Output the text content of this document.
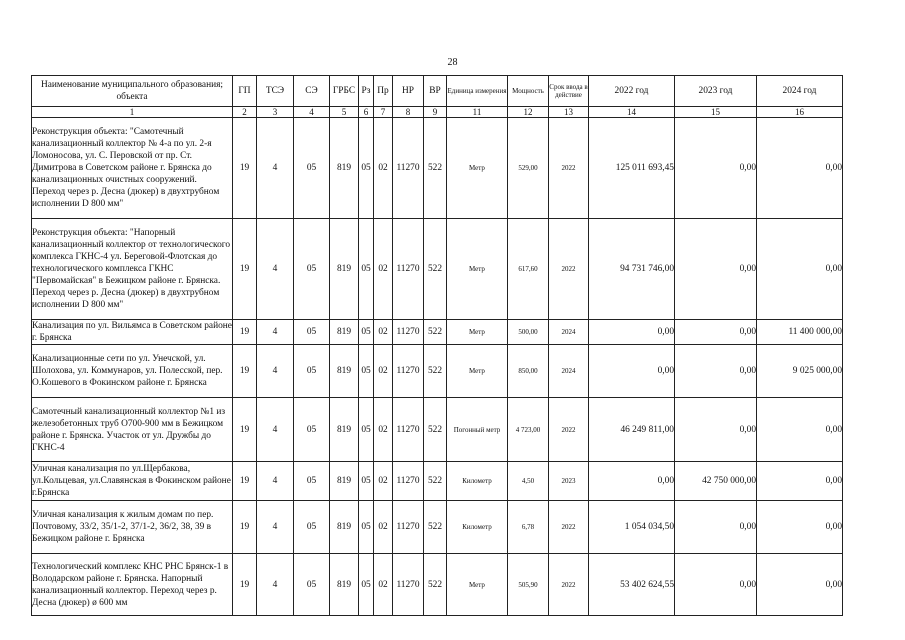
28
Наименование муниципального образования; объекта	ГП	ТСЭ	СЭ	ГРБС	Рз	Пр	НР	ВР	Единица измерения	Мощность	Срок ввода в действие	2022 год	2023 год	2024 год
1	2	3	4	5	6	7	8	9	11	12	13	14	15	16
Реконструкция объекта: "Самотечный канализационный коллектор № 4-а по ул. 2-я Ломоносова, ул. С. Перовской от пр. Ст. Димитрова в Советском районе г. Брянска до канализационных очистных сооружений. Переход через р. Десна (дюкер) в двухтрубном исполнении D 800 мм"	19	4	05	819	05	02	11270	522	Метр	529,00	2022	125 011 693,45	0,00	0,00
Реконструкция объекта: "Напорный канализационный коллектор от технологического комплекса ГКНС-4 ул. Береговой-Флотская до технологического комплекса ГКНС "Первомайская" в Бежицком районе г. Брянска. Переход через р. Десна (дюкер) в двухтрубном исполнении D 800 мм"	19	4	05	819	05	02	11270	522	Метр	617,60	2022	94 731 746,00	0,00	0,00
Канализация по ул. Вильямса в Советском районе г. Брянска	19	4	05	819	05	02	11270	522	Метр	500,00	2024	0,00	0,00	11 400 000,00
Канализационные сети по ул. Унечской, ул. Шолохова, ул. Коммунаров, ул. Полесской, пер. О.Кошевого в Фокинском районе г. Брянска	19	4	05	819	05	02	11270	522	Метр	850,00	2024	0,00	0,00	9 025 000,00
Самотечный канализационный коллектор №1 из железобетонных труб О700-900 мм в Бежицком районе г. Брянска. Участок от ул. Дружбы до ГКНС-4	19	4	05	819	05	02	11270	522	Погонный метр	4 723,00	2022	46 249 811,00	0,00	0,00
Уличная канализация по ул.Щербакова, ул.Кольцевая, ул.Славянская в Фокинском районе г.Брянска	19	4	05	819	05	02	11270	522	Километр	4,50	2023	0,00	42 750 000,00	0,00
Уличная канализация к жилым домам по пер. Почтовому, 33/2, 35/1-2, 37/1-2, 36/2, 38, 39 в Бежицком районе г. Брянска	19	4	05	819	05	02	11270	522	Километр	6,78	2022	1 054 034,50	0,00	0,00
Технологический комплекс КНС РНС Брянск-1 в Володарском районе г. Брянска. Напорный канализационный коллектор. Переход через р. Десна (дюкер) ø 600 мм	19	4	05	819	05	02	11270	522	Метр	505,90	2022	53 402 624,55	0,00	0,00
